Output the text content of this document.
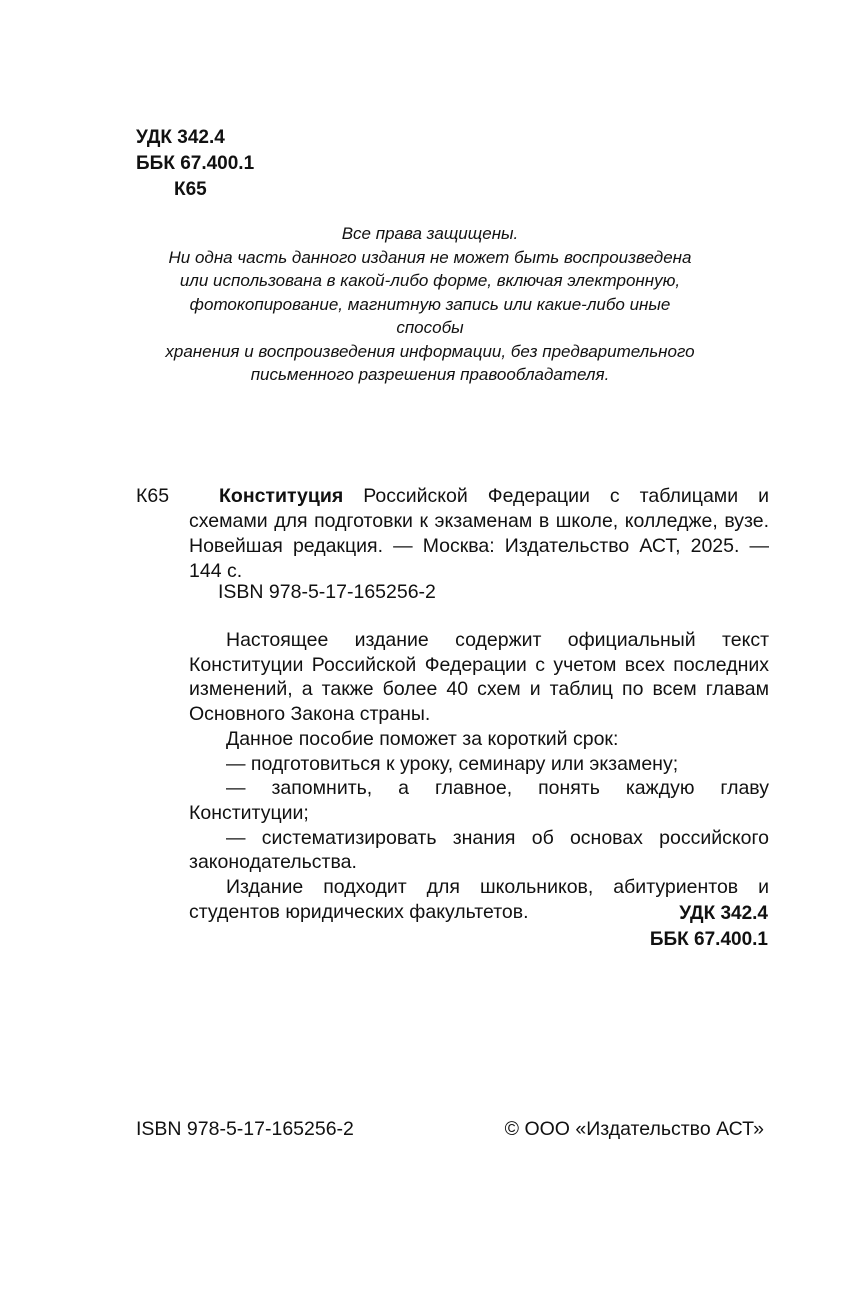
УДК 342.4
ББК 67.400.1
К65
Все права защищены.
Ни одна часть данного издания не может быть воспроизведена
или использована в какой-либо форме, включая электронную,
фотокопирование, магнитную запись или какие-либо иные способы
хранения и воспроизведения информации, без предварительного
письменного разрешения правообладателя.
К65	Конституция Российской Федерации с таблицами и схемами для подготовки к экзаменам в школе, колледже, вузе. Новейшая редакция. — Москва: Издательство АСТ, 2025. — 144 с.
ISBN 978-5-17-165256-2

Настоящее издание содержит официальный текст Конституции Российской Федерации с учетом всех последних изменений, а также более 40 схем и таблиц по всем главам Основного Закона страны.

Данное пособие поможет за короткий срок:

— подготовиться к уроку, семинару или экзамену;

— запомнить, а главное, понять каждую главу Конституции;

— систематизировать знания об основах российского законодательства.

Издание подходит для школьников, абитуриентов и студентов юридических факультетов.	УДК 342.4
ББК 67.400.1
ISBN 978-5-17-165256-2	© ООО «Издательство АСТ»
